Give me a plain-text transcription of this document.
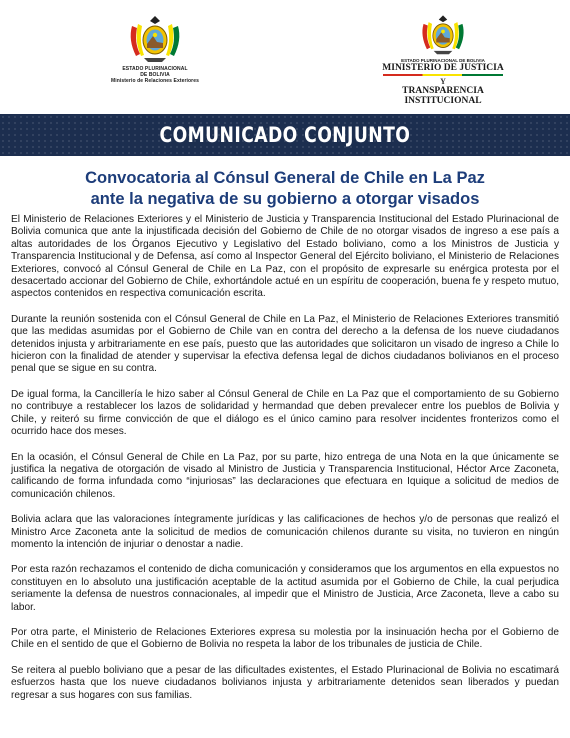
ESTADO PLURINACIONAL
DE BOLIVIA
Ministerio de Relaciones Exteriores
ESTADO PLURINACIONAL DE BOLIVIA
MINISTERIO DE JUSTICIA
Y
TRANSPARENCIA INSTITUCIONAL
COMUNICADO CONJUNTO
Convocatoria al Cónsul General de Chile en La Paz
ante la negativa de su gobierno a otorgar visados

El Ministerio de Relaciones Exteriores y el Ministerio de Justicia y Transparencia Institucional del Estado Plurinacional de Bolivia comunica que ante la injustificada decisión del Gobierno de Chile de no otorgar visados de ingreso a ese país a altas autoridades de los Órganos Ejecutivo y Legislativo del Estado boliviano, como a los Ministros de Justicia y Transparencia Institucional y de Defensa, así como al Inspector General del Ejército boliviano, el Ministerio de Relaciones Exteriores, convocó al Cónsul General de Chile en La Paz, con el propósito de expresarle su enérgica protesta por el desacertado accionar del Gobierno de Chile, exhortándole actué en un espíritu de cooperación, buena fe y respeto mutuo, aspectos contenidos en respectiva comunicación escrita.

Durante la reunión sostenida con el Cónsul General de Chile en La Paz, el Ministerio de Relaciones Exteriores transmitió que las medidas asumidas por el Gobierno de Chile van en contra del derecho a la defensa de los nueve ciudadanos detenidos injusta y arbitrariamente en ese país, puesto que las autoridades que solicitaron un visado de ingreso a Chile lo hicieron con la finalidad de atender y supervisar la efectiva defensa legal de dichos ciudadanos bolivianos en el proceso penal que se sigue en su contra.

De igual forma, la Cancillería le hizo saber al Cónsul General de Chile en La Paz que el comportamiento de su Gobierno no contribuye a restablecer los lazos de solidaridad y hermandad que deben prevalecer entre los pueblos de Bolivia y Chile, y reiteró su firme convicción de que el diálogo es el único camino para resolver incidentes fronterizos como el ocurrido hace dos meses.

En la ocasión, el Cónsul General de Chile en La Paz, por su parte, hizo entrega de una Nota en la que únicamente se justifica la negativa de otorgación de visado al Ministro de Justicia y Transparencia Institucional, Héctor Arce Zaconeta, calificando de forma infundada como “injuriosas” las declaraciones que efectuara en Iquique a solicitud de medios de comunicación chilenos.

Bolivia aclara que las valoraciones íntegramente jurídicas y las calificaciones de hechos y/o de personas que realizó el Ministro Arce Zaconeta ante la solicitud de medios de comunicación chilenos durante su visita, no tuvieron en ningún momento la intención de injuriar o denostar a nadie.

Por esta razón rechazamos el contenido de dicha comunicación y consideramos que los argumentos en ella expuestos no constituyen en lo absoluto una justificación aceptable de la actitud asumida por el Gobierno de Chile, la cual perjudica seriamente la defensa de nuestros connacionales, al impedir que el Ministro de Justicia, Arce Zaconeta, lleve a cabo su labor.

Por otra parte, el Ministerio de Relaciones Exteriores expresa su molestia por la insinuación hecha por el Gobierno de Chile en el sentido de que el Gobierno de Bolivia no respeta la labor de los tribunales de justicia de Chile.

Se reitera al pueblo boliviano que a pesar de las dificultades existentes, el Estado Plurinacional de Bolivia no escatimará esfuerzos hasta que los nueve ciudadanos bolivianos injusta y arbitrariamente detenidos sean liberados y puedan regresar a sus hogares con sus familias.
